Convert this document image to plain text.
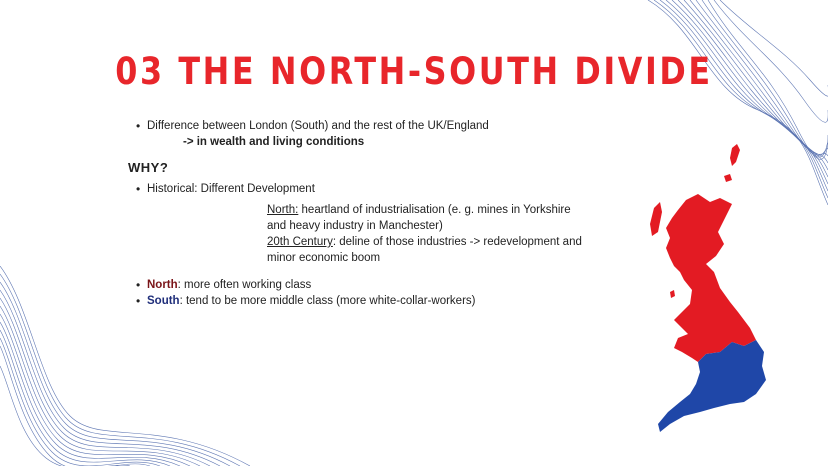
03 THE NORTH-SOUTH DIVIDE
• Difference between London (South) and the rest of the UK/England
-> in wealth and living conditions
WHY?
• Historical: Different Development
North: heartland of industrialisation (e. g. mines in Yorkshire
and heavy industry in Manchester)
20th Century: deline of those industries -> redevelopment and
minor economic boom
• North: more often working class
• South: tend to be more middle class (more white-collar-workers)
